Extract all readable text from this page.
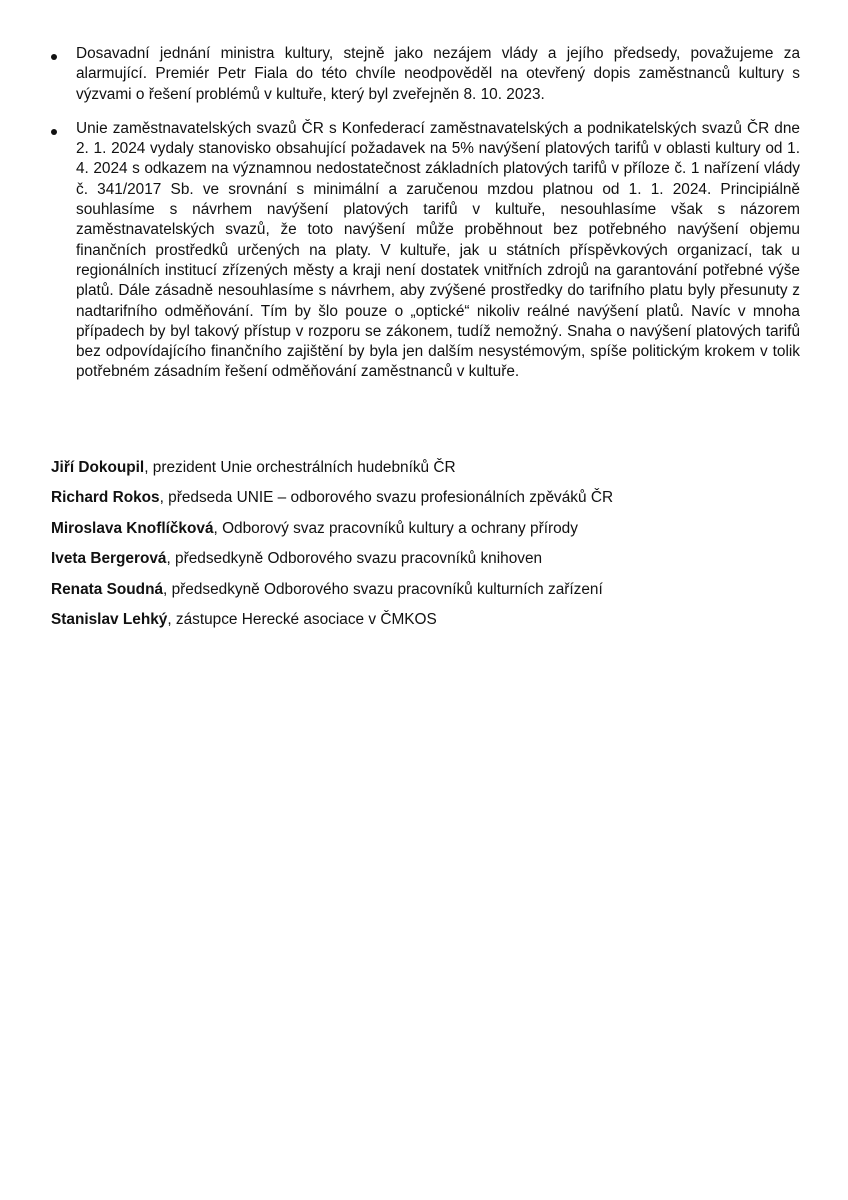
Dosavadní jednání ministra kultury, stejně jako nezájem vlády a jejího předsedy, považujeme za alarmující. Premiér Petr Fiala do této chvíle neodpověděl na otevřený dopis zaměstnanců kultury s výzvami o řešení problémů v kultuře, který byl zveřejněn 8. 10. 2023.
Unie zaměstnavatelských svazů ČR s Konfederací zaměstnavatelských a podnikatelských svazů ČR dne 2. 1. 2024 vydaly stanovisko obsahující požadavek na 5% navýšení platových tarifů v oblasti kultury od 1. 4. 2024 s odkazem na významnou nedostatečnost základních platových tarifů v příloze č. 1 nařízení vlády č. 341/2017 Sb. ve srovnání s minimální a zaručenou mzdou platnou od 1. 1. 2024. Principiálně souhlasíme s návrhem navýšení platových tarifů v kultuře, nesouhlasíme však s názorem zaměstnavatelských svazů, že toto navýšení může proběhnout bez potřebného navýšení objemu finančních prostředků určených na platy. V kultuře, jak u státních příspěvkových organizací, tak u regionálních institucí zřízených městy a kraji není dostatek vnitřních zdrojů na garantování potřebné výše platů. Dále zásadně nesouhlasíme s návrhem, aby zvýšené prostředky do tarifního platu byly přesunuty z nadtarifního odměňování. Tím by šlo pouze o „optické“ nikoliv reálné navýšení platů. Navíc v mnoha případech by byl takový přístup v rozporu se zákonem, tudíž nemožný. Snaha o navýšení platových tarifů bez odpovídajícího finančního zajištění by byla jen dalším nesystémovým, spíše politickým krokem v tolik potřebném zásadním řešení odměňování zaměstnanců v kultuře.
Jiří Dokoupil, prezident Unie orchestrálních hudebníků ČR
Richard Rokos, předseda UNIE – odborového svazu profesionálních zpěváků ČR
Miroslava Knoflíčková, Odborový svaz pracovníků kultury a ochrany přírody
Iveta Bergerová, předsedkyně Odborového svazu pracovníků knihoven
Renata Soudná, předsedkyně Odborového svazu pracovníků kulturních zařízení
Stanislav Lehký, zástupce Herecké asociace v ČMKOS
